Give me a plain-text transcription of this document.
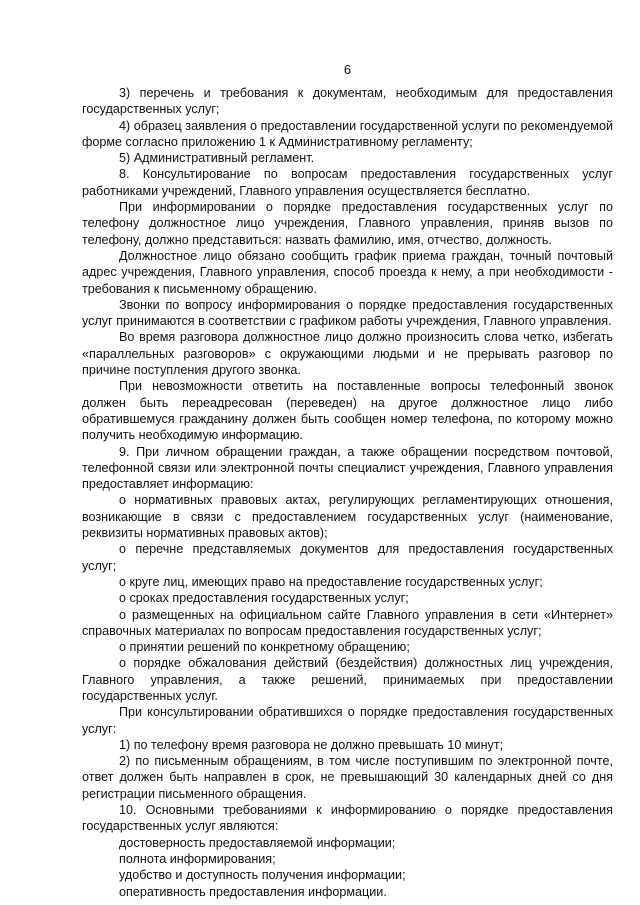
6

3) перечень и требования к документам, необходимым для предоставления государственных услуг;

4) образец заявления о предоставлении государственной услуги по рекомендуемой форме согласно приложению 1 к Административному регламенту;

5) Административный регламент.

8. Консультирование по вопросам предоставления государственных услуг работниками учреждений, Главного управления осуществляется бесплатно.

При информировании о порядке предоставления государственных услуг по телефону должностное лицо учреждения, Главного управления, приняв вызов по телефону, должно представиться: назвать фамилию, имя, отчество, должность.

Должностное лицо обязано сообщить график приема граждан, точный почтовый адрес учреждения, Главного управления, способ проезда к нему, а при необходимости - требования к письменному обращению.

Звонки по вопросу информирования о порядке предоставления государственных услуг принимаются в соответствии с графиком работы учреждения, Главного управления.

Во время разговора должностное лицо должно произносить слова четко, избегать «параллельных разговоров» с окружающими людьми и не прерывать разговор по причине поступления другого звонка.

При невозможности ответить на поставленные вопросы телефонный звонок должен быть переадресован (переведен) на другое должностное лицо либо обратившемуся гражданину должен быть сообщен номер телефона, по которому можно получить необходимую информацию.

9. При личном обращении граждан, а также обращении посредством почтовой, телефонной связи или электронной почты специалист учреждения, Главного управления предоставляет информацию:

о нормативных правовых актах, регулирующих регламентирующих отношения, возникающие в связи с предоставлением государственных услуг (наименование, реквизиты нормативных правовых актов);

о перечне представляемых документов для предоставления государственных услуг;

о круге лиц, имеющих право на предоставление государственных услуг;

о сроках предоставления государственных услуг;

о размещенных на официальном сайте Главного управления в сети «Интернет» справочных материалах по вопросам предоставления государственных услуг;

о принятии решений по конкретному обращению;

о порядке обжалования действий (бездействия) должностных лиц учреждения, Главного управления, а также решений, принимаемых при предоставлении государственных услуг.

При консультировании обратившихся о порядке предоставления государственных услуг:

1) по телефону время разговора не должно превышать 10 минут;

2) по письменным обращениям, в том числе поступившим по электронной почте, ответ должен быть направлен в срок, не превышающий 30 календарных дней со дня регистрации письменного обращения.

10. Основными требованиями к информированию о порядке предоставления государственных услуг являются:

достоверность предоставляемой информации;

полнота информирования;

удобство и доступность получения информации;

оперативность предоставления информации.
